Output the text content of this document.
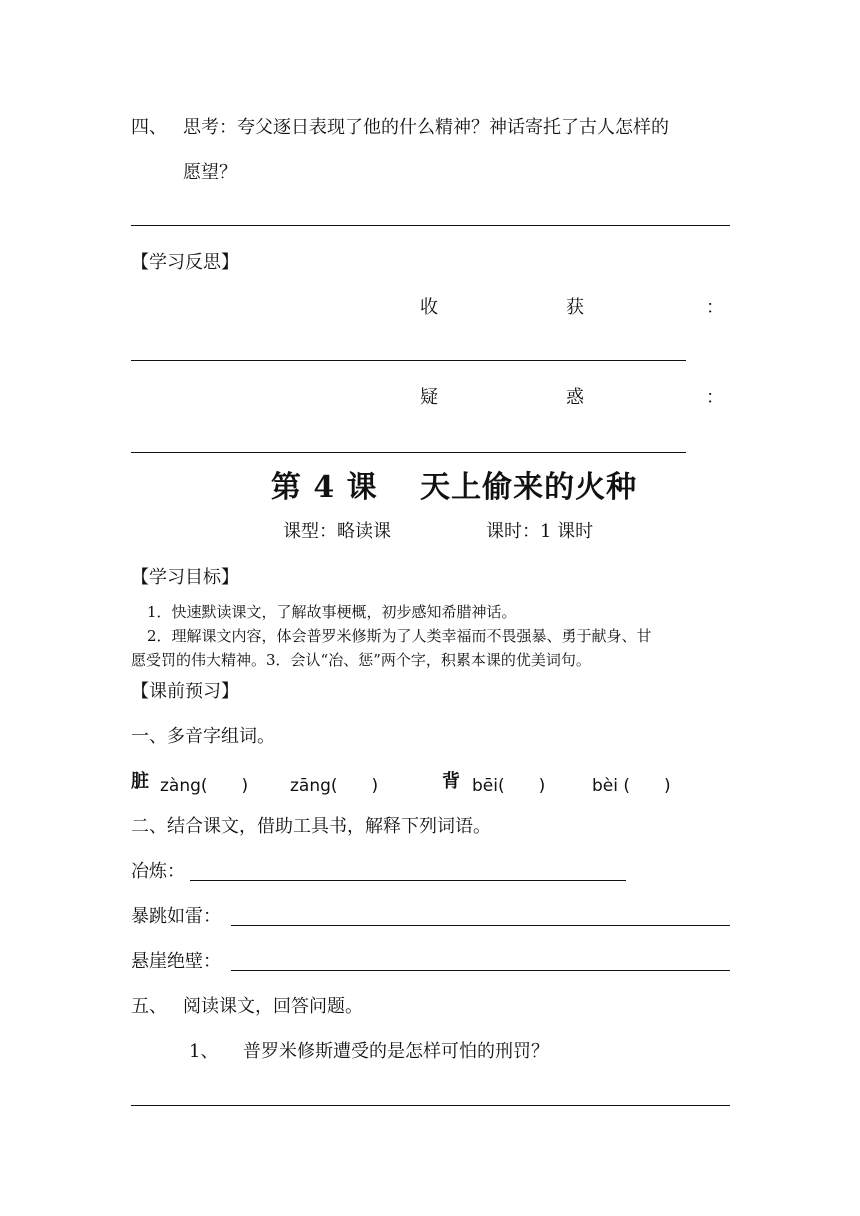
四、 思考：夸父逐日表现了他的什么精神？神话寄托了古人怎样的
愿望？
【学习反思】
收	获	：
疑	惑	：
第 4 课　 天上偷来的火种
课型：略读课	课时：1 课时
【学习目标】
1．快速默读课文，了解故事梗概，初步感知希腊神话。
2．理解课文内容，体会普罗米修斯为了人类幸福而不畏强暴、勇于献身、甘
愿受罚的伟大精神。3．会认“冶、惩”两个字，积累本课的优美词句。
【课前预习】
一、多音字组词。
脏 zàng(　　) zāng(　　)	背 bēi(　　)	bèi (　　)
二、结合课文，借助工具书，解释下列词语。
冶炼：
暴跳如雷：
悬崖绝壁：
五、 阅读课文，回答问题。
1、 普罗米修斯遭受的是怎样可怕的刑罚？
